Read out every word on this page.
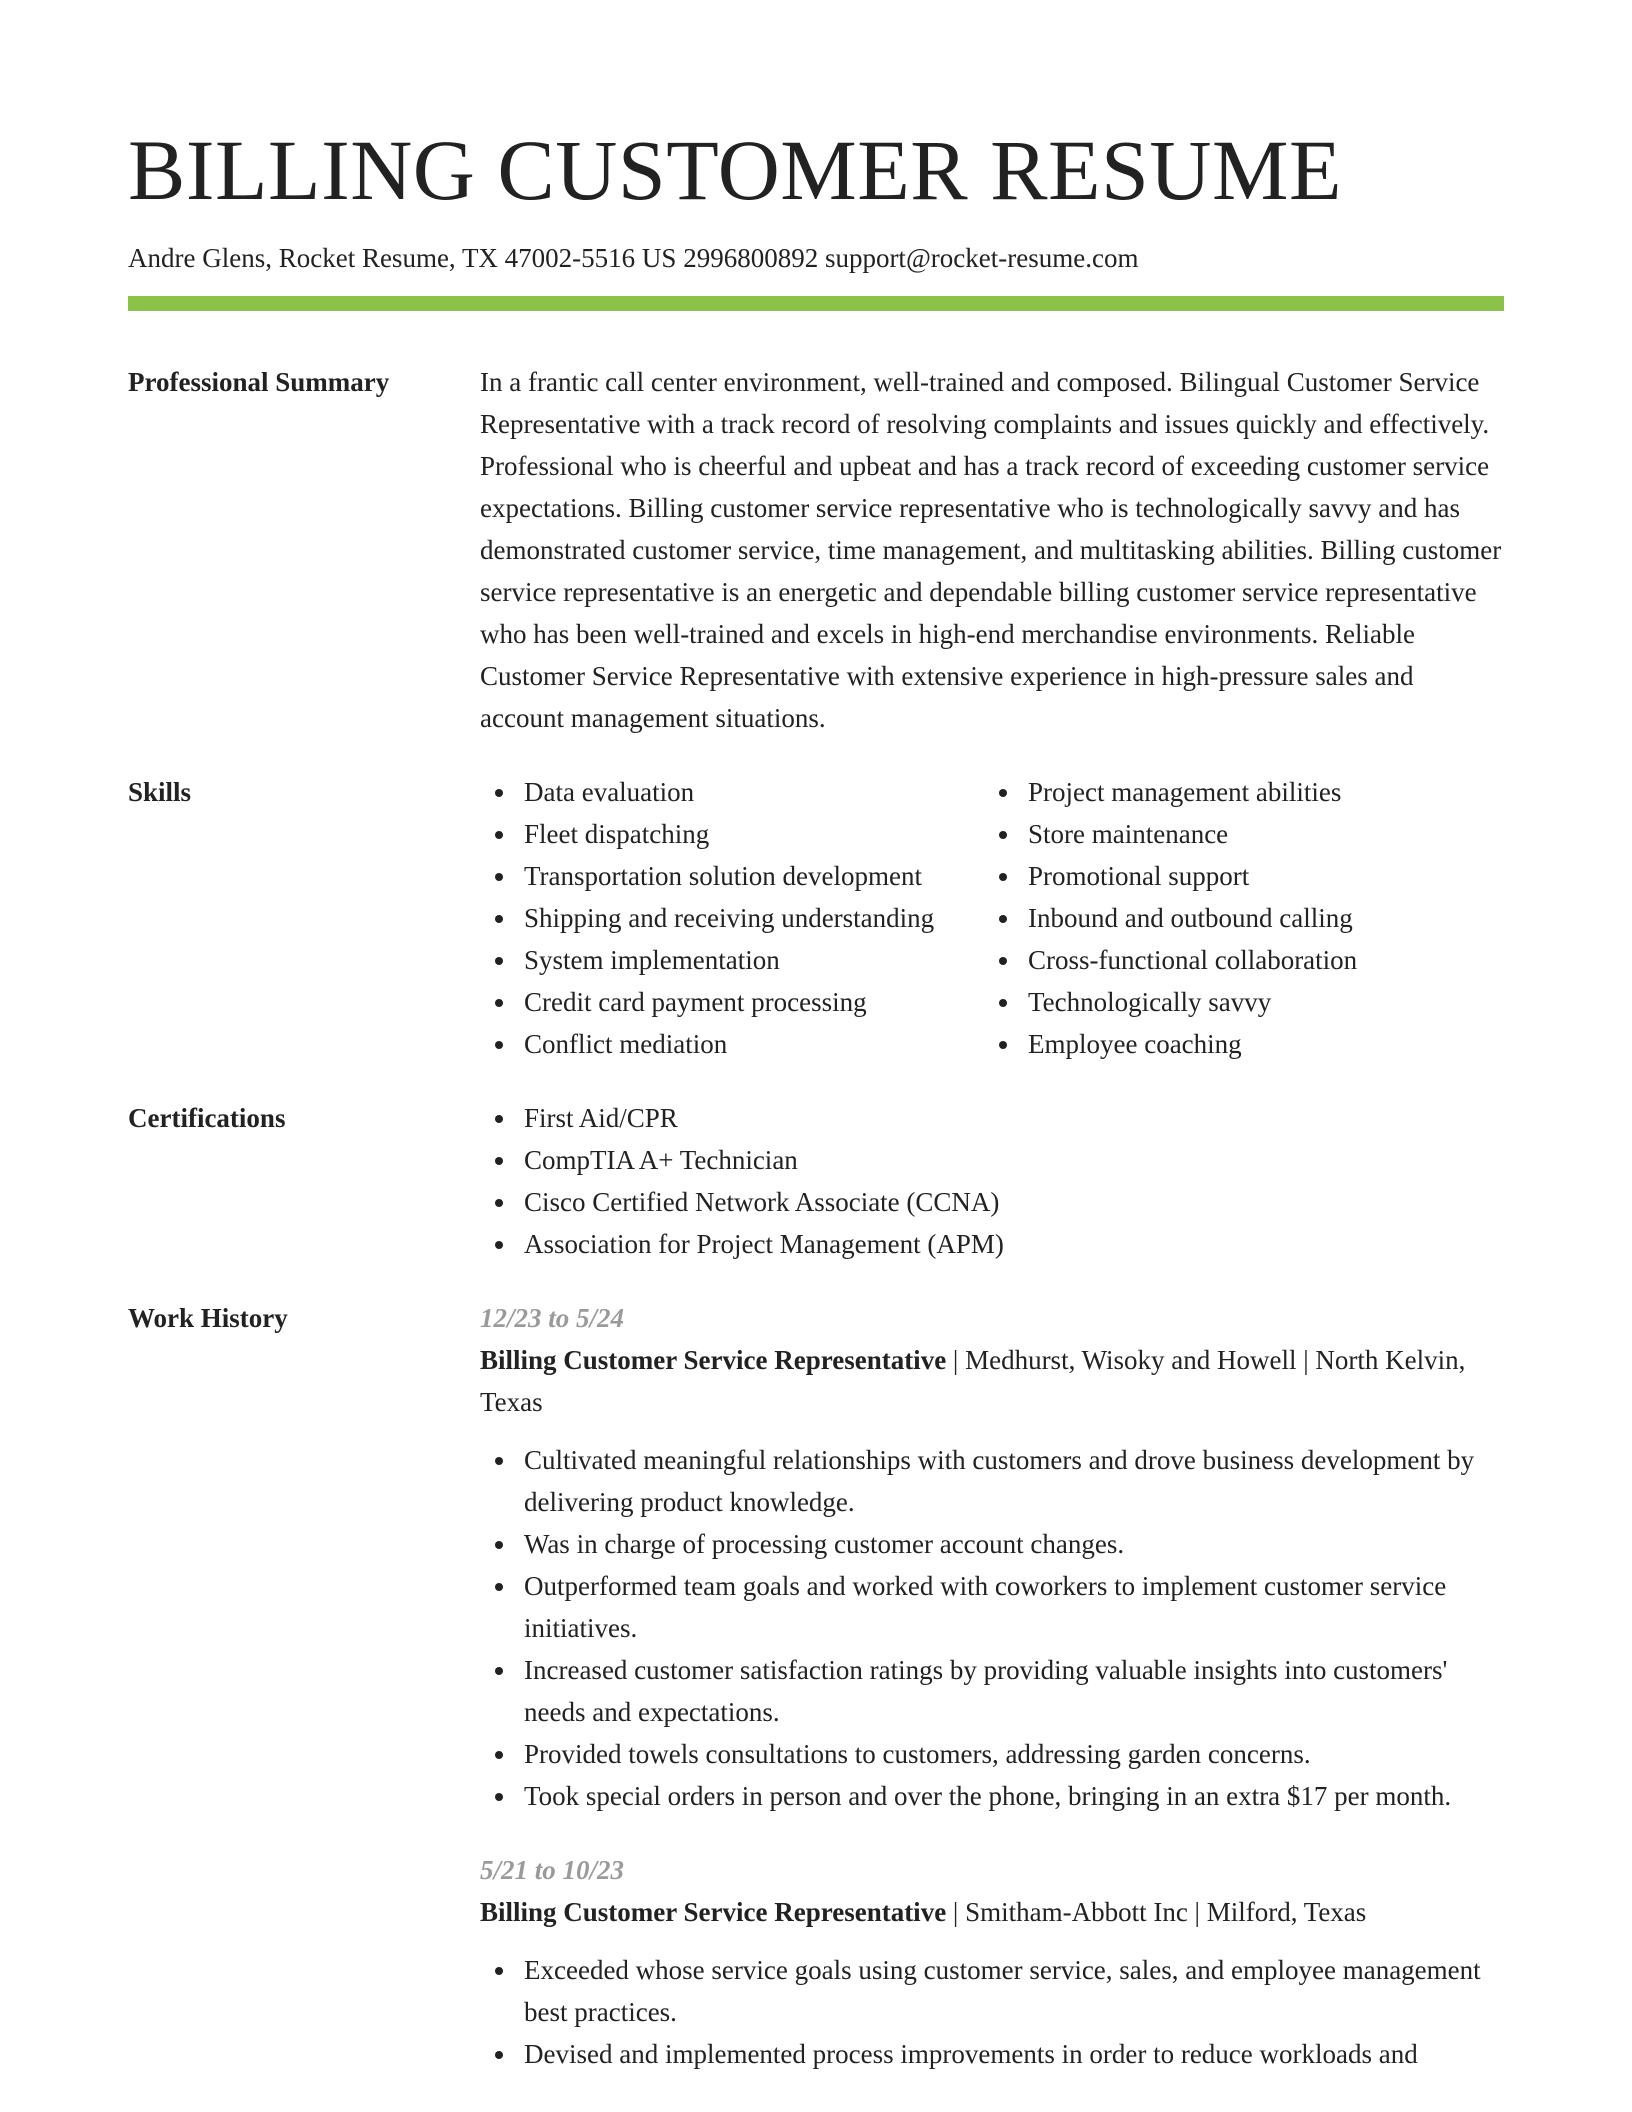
BILLING CUSTOMER RESUME
Andre Glens, Rocket Resume, TX 47002-5516 US 2996800892 support@rocket-resume.com
Professional Summary	In a frantic call center environment, well-trained and composed. Bilingual Customer Service Representative with a track record of resolving complaints and issues quickly and effectively. Professional who is cheerful and upbeat and has a track record of exceeding customer service expectations. Billing customer service representative who is technologically savvy and has demonstrated customer service, time management, and multitasking abilities. Billing customer service representative is an energetic and dependable billing customer service representative who has been well-trained and excels in high-end merchandise environments. Reliable Customer Service Representative with extensive experience in high-pressure sales and account management situations.

Skills	Data evaluation
Fleet dispatching
Transportation solution development
Shipping and receiving understanding
System implementation
Credit card payment processing
Conflict mediation
Project management abilities
Store maintenance
Promotional support
Inbound and outbound calling
Cross-functional collaboration
Technologically savvy
Employee coaching
Certifications	First Aid/CPR
CompTIA A+ Technician
Cisco Certified Network Associate (CCNA)
Association for Project Management (APM)
Work History	12/23 to 5/24
Billing Customer Service Representative | Medhurst, Wisoky and Howell | North Kelvin, Texas
Cultivated meaningful relationships with customers and drove business development by delivering product knowledge.
Was in charge of processing customer account changes.
Outperformed team goals and worked with coworkers to implement customer service initiatives.
Increased customer satisfaction ratings by providing valuable insights into customers' needs and expectations.
Provided towels consultations to customers, addressing garden concerns.
Took special orders in person and over the phone, bringing in an extra $17 per month.
5/21 to 10/23
Billing Customer Service Representative | Smitham-Abbott Inc | Milford, Texas
Exceeded whose service goals using customer service, sales, and employee management best practices.
Devised and implemented process improvements in order to reduce workloads and
